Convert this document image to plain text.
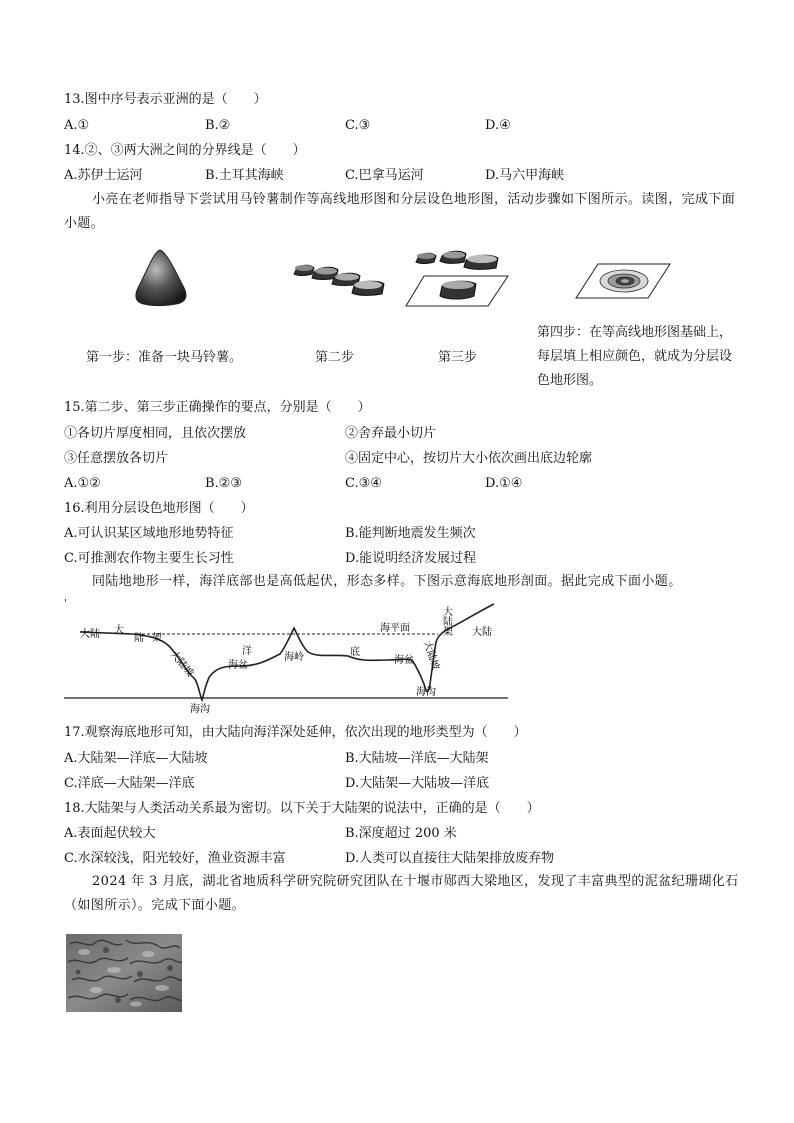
13.图中序号表示亚洲的是（　　）
A.①	B.②	C.③	D.④
14.②、③两大洲之间的分界线是（　　）
A.苏伊士运河	B.土耳其海峡	C.巴拿马运河	D.马六甲海峡
小亮在老师指导下尝试用马铃薯制作等高线地形图和分层设色地形图，活动步骤如下图所示。读图，完成下面小题。
第一步：准备一块马铃薯。	第二步	第三步
第四步：在等高线地形图基础上，每层填上相应颜色，就成为分层设色地形图。
15.第二步、第三步正确操作的要点，分别是（　　）
①各切片厚度相同，且依次摆放	②舍弃最小切片
③任意摆放各切片	④固定中心，按切片大小依次画出底边轮廓
A.①②	B.②③	C.③④	D.①④
16.利用分层设色地形图（　　）
A.可认识某区域地形地势特征	B.能判断地震发生频次
C.可推测农作物主要生长习性	D.能说明经济发展过程
同陆地地形一样，海洋底部也是高低起伏，形态多样。下图示意海底地形剖面。据此完成下面小题。
'
大陆 大
陆 架
大陆坡	洋
海盆
海岭	底
海平面
海盆 大陆坡
大陆架 大陆
海沟
海沟
17.观察海底地形可知，由大陆向海洋深处延伸，依次出现的地形类型为（　　）
A.大陆架—洋底—大陆坡	B.大陆坡—洋底—大陆架
C.洋底—大陆架—洋底	D.大陆架—大陆坡—洋底
18.大陆架与人类活动关系最为密切。以下关于大陆架的说法中，正确的是（　　）
A.表面起伏较大	B.深度超过 200 米
C.水深较浅，阳光较好，渔业资源丰富	D.人类可以直接往大陆架排放废弃物
2024 年 3 月底，湖北省地质科学研究院研究团队在十堰市郧西大梁地区，发现了丰富典型的泥盆纪珊瑚化石（如图所示）。完成下面小题。
